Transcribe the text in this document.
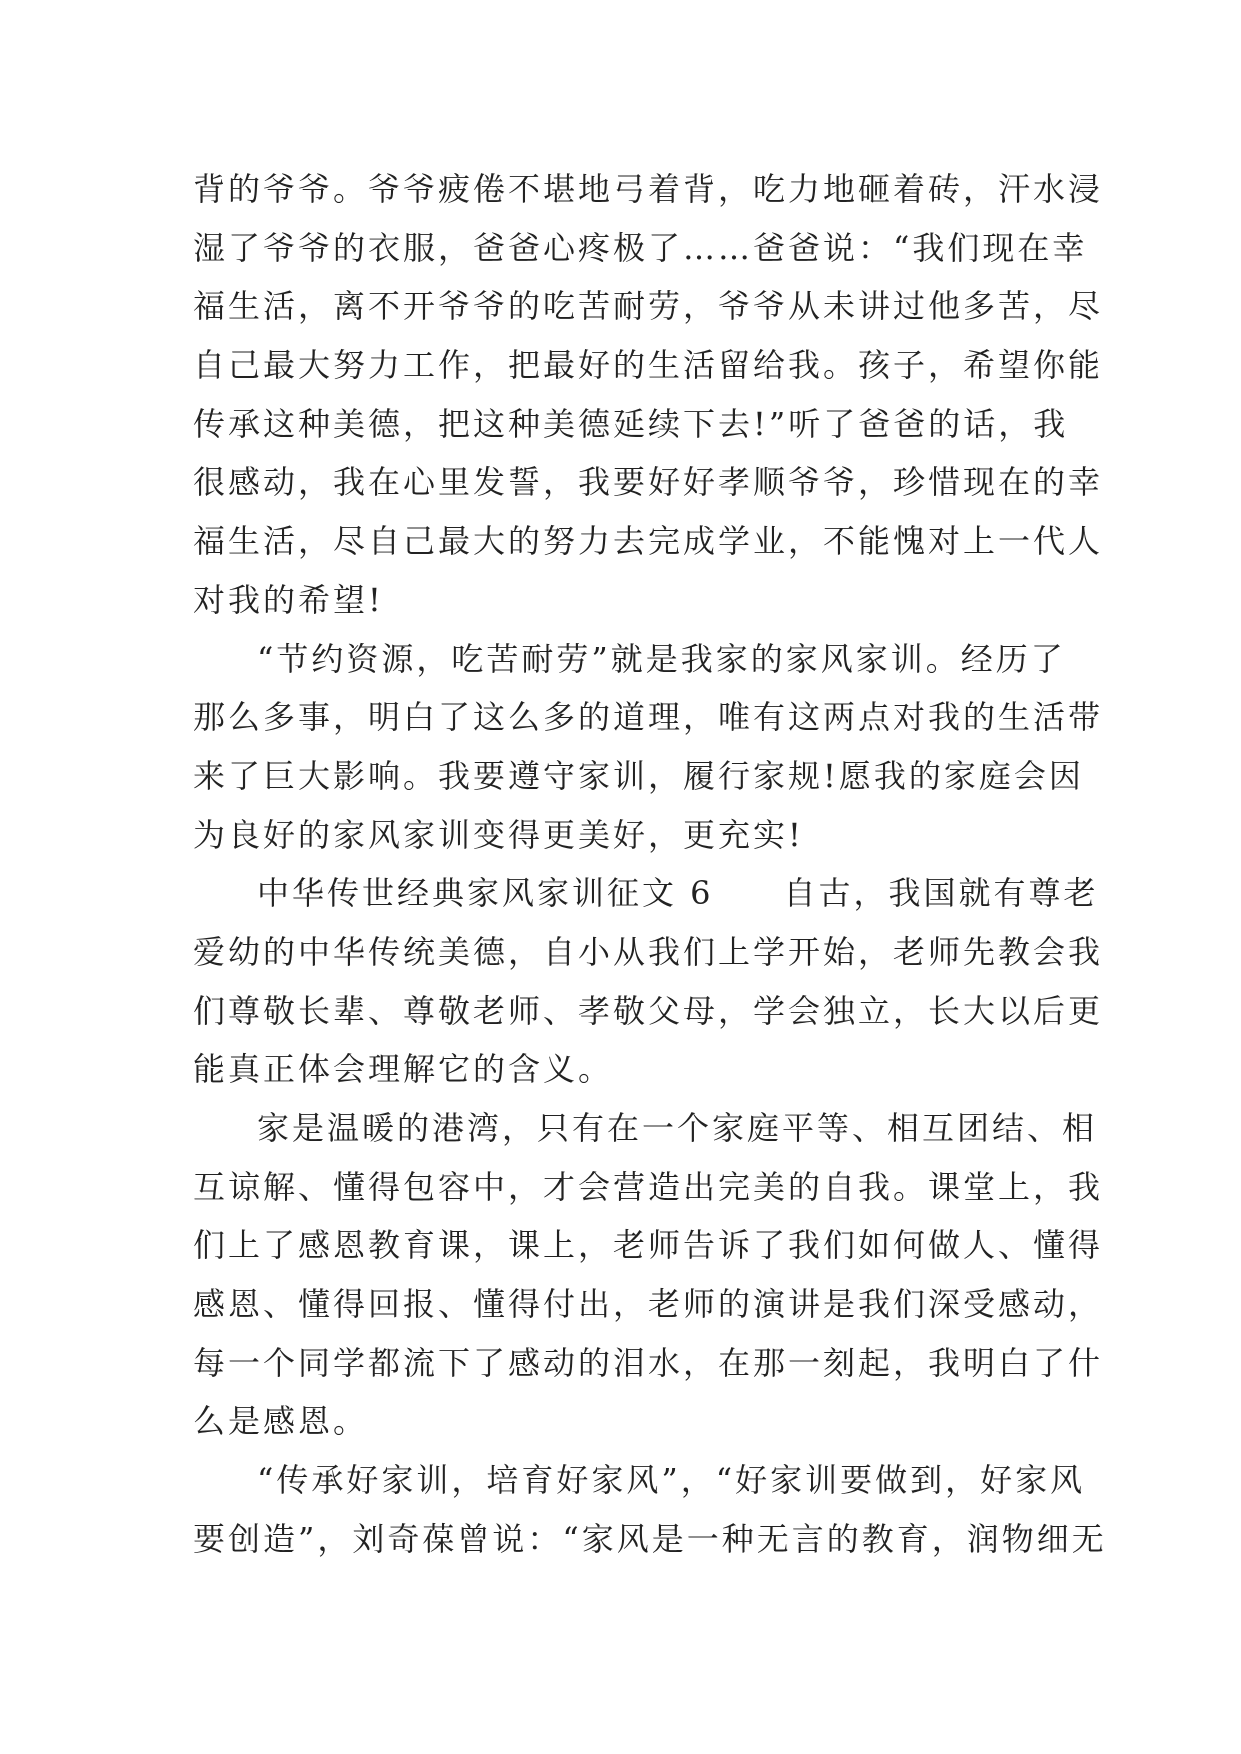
背的爷爷。爷爷疲倦不堪地弓着背，吃力地砸着砖，汗水浸
湿了爷爷的衣服，爸爸心疼极了……爸爸说：“我们现在幸
福生活，离不开爷爷的吃苦耐劳，爷爷从未讲过他多苦，尽
自己最大努力工作，把最好的生活留给我。孩子，希望你能
传承这种美德，把这种美德延续下去!”听了爸爸的话，我
很感动，我在心里发誓，我要好好孝顺爷爷，珍惜现在的幸
福生活，尽自己最大的努力去完成学业，不能愧对上一代人
对我的希望!
“节约资源，吃苦耐劳”就是我家的家风家训。经历了
那么多事，明白了这么多的道理，唯有这两点对我的生活带
来了巨大影响。我要遵守家训，履行家规!愿我的家庭会因
为良好的家风家训变得更美好，更充实!
中华传世经典家风家训征文 6　　自古，我国就有尊老
爱幼的中华传统美德，自小从我们上学开始，老师先教会我
们尊敬长辈、尊敬老师、孝敬父母，学会独立，长大以后更
能真正体会理解它的含义。
家是温暖的港湾，只有在一个家庭平等、相互团结、相
互谅解、懂得包容中，才会营造出完美的自我。课堂上，我
们上了感恩教育课，课上，老师告诉了我们如何做人、懂得
感恩、懂得回报、懂得付出，老师的演讲是我们深受感动，
每一个同学都流下了感动的泪水，在那一刻起，我明白了什
么是感恩。
“传承好家训，培育好家风”，“好家训要做到，好家风
要创造”，刘奇葆曾说：“家风是一种无言的教育，润物细无
